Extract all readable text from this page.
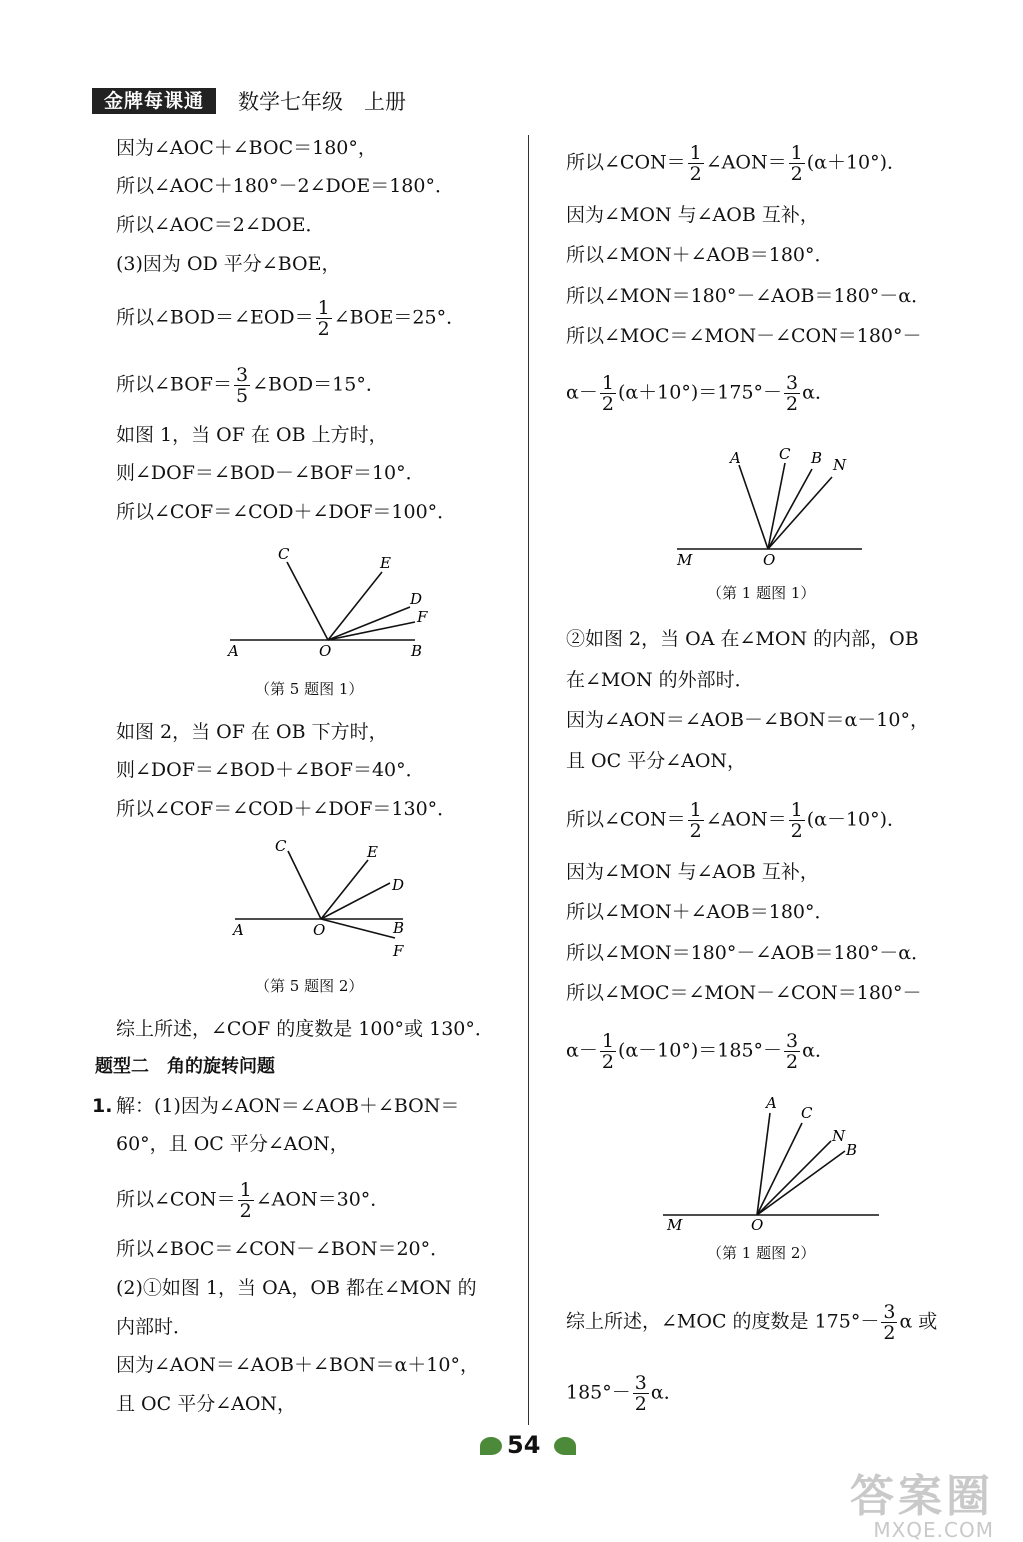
金牌每课通	数学七年级　上册
因为∠AOC＋∠BOC＝180°，
所以∠AOC＋180°－2∠DOE＝180°．
所以∠AOC＝2∠DOE．
(3)因为 OD 平分∠BOE，
所以∠BOD＝∠EOD＝ $\frac{1}{2}$ ∠BOE＝25°．
所以∠BOF＝ $\frac{3}{5}$ ∠BOD＝15°．
如图 1，当 OF 在 OB 上方时，
则∠DOF＝∠BOD－∠BOF＝10°．
所以∠COF＝∠COD＋∠DOF＝100°．
C	E
D
F
A	O	B
（第 5 题图 1）
如图 2，当 OF 在 OB 下方时，
则∠DOF＝∠BOD＋∠BOF＝40°．
所以∠COF＝∠COD＋∠DOF＝130°．
C	E
D
B
F
A	O
（第 5 题图 2）
综上所述，∠COF 的度数是 100°或 130°．
题型二　角的旋转问题
1. 解：(1)因为∠AON＝∠AOB＋∠BON＝
60°，且 OC 平分∠AON，
所以∠CON＝ $\frac{1}{2}$ ∠AON＝30°．
所以∠BOC＝∠CON－∠BON＝20°．
(2)①如图 1，当 OA，OB 都在∠MON 的
内部时．
因为∠AON＝∠AOB＋∠BON＝α＋10°，
且 OC 平分∠AON，
所以∠CON＝ $\frac{1}{2}$ ∠AON＝ $\frac{1}{2} (\alpha+10^\circ)$．
因为∠MON 与∠AOB 互补，
所以∠MON＋∠AOB＝180°．
所以∠MON＝180°－∠AOB＝180°－α．
所以∠MOC＝∠MON－∠CON＝180°－
$\alpha- \frac{1}{2} (\alpha+10^\circ)=175^\circ- \frac{3}{2}$ α．
A	C B N
M	O
（第 1 题图 1）
②如图 2，当 OA 在∠MON 的内部，OB
在∠MON 的外部时．
因为∠AON＝∠AOB－∠BON＝α－10°，
且 OC 平分∠AON，
所以∠CON＝ $\frac{1}{2}$ ∠AON＝ $\frac{1}{2} (\alpha-10^\circ)$．
因为∠MON 与∠AOB 互补，
所以∠MON＋∠AOB＝180°．
所以∠MON＝180°－∠AOB＝180°－α．
所以∠MOC＝∠MON－∠CON＝180°－
$\alpha- \frac{1}{2} (\alpha-10^\circ)=185^\circ- \frac{3}{2}$ α．
A
C
N
B
M	O
（第 1 题图 2）
综上所述，∠MOC 的度数是 $175^\circ- \frac{3}{2}$ α 或
$185^\circ- \frac{3}{2}$ α．
54
答案圈
MXQE.COM
